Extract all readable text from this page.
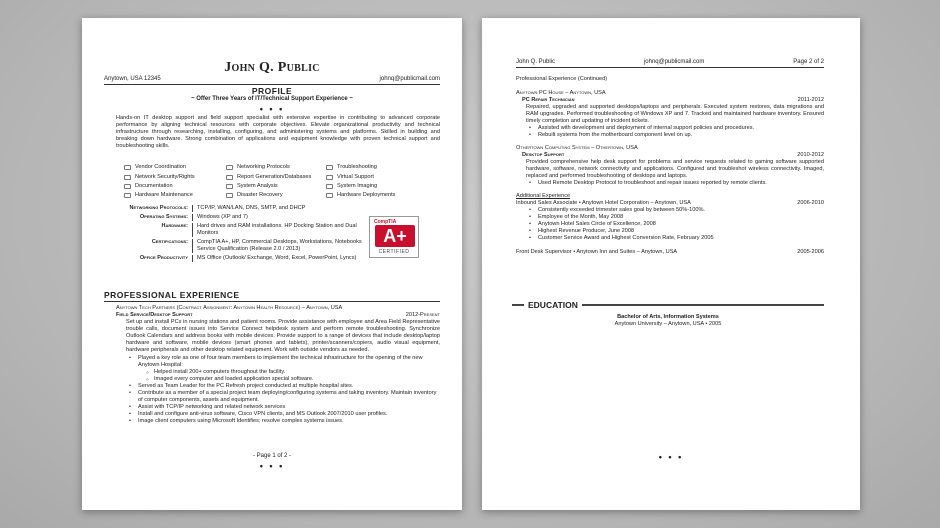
John Q. Public
Anytown, USA 12345	johnq@publicmail.com
PROFILE
~ Offer Three Years of IT/Technical Support Experience ~
• • •
Hands-on IT desktop support and field support specialist with extensive expertise in contributing to advanced corporate performance by aligning technical resources with corporate objectives. Elevate organizational productivity and technical infrastructure through researching, installing, configuring, and administering systems and platforms. Skilled in building and breaking down hardware. Strong combination of applications and equipment knowledge with proven technical support and troubleshooting skills.
Vendor Coordination	Networking Protocols	Troubleshooting
Network Security/Rights	Report Generation/Databases	Virtual Support
Documentation	System Analysis	System Imaging
Hardware Maintenance	Disaster Recovery	Hardware Deployments
Networking Protocols:	TCP/IP, WAN/LAN, DNS, SMTP, and DHCP
Operating Systems:	Windows (XP and 7)
Hardware:	Hard drives and RAM installations. HP Docking Station and Dual Monitors
Certifications:	CompTIA A+, HP, Commercial Desktops, Workstations, Notebooks Service Qualification (Release 2.0 / 2013)
Office Productivity	MS Office (Outlook/ Exchange, Word, Excel, PowerPoint, Lyncs)
CompTIA
A+
CERTIFIED
PROFESSIONAL EXPERIENCE
Anytown Tech Partners (Contract Assignment: Anytown Health Resource) – Anytown, USA
Field Service/Desktop Support	2012-Present
Set up and install PCs in nursing stations and patient rooms. Provide assistance with employee and Area Field Representative trouble calls, document issues into Service Connect helpdesk system and perform remote troubleshooting. Synchronize Outlook Calendars and address books with mobile devices. Provide support to a range of devices that include desktop/laptop hardware and software, mobile devices (smart phones and tablets), printer/scanners/copiers, audio visual equipment, hardware peripherals and other desktop related equipment. Work with outside vendors as needed.
• Played a key role as one of four team members to implement the technical infrastructure for the opening of the new Anytown Hospital:
○ Helped install 200+ computers throughout the facility.
○ Imaged every computer and loaded application special software.
• Served as Team Leader for the PC Refresh project conducted at multiple hospital sites.
• Contribute as a member of a special project team deploying/configuring systems and taking inventory. Maintain inventory of computer components, assets and equipment.
• Assist with TCP/IP networking and related network services
• Install and configure anti-virus software, Cisco VPN clients, and MS Outlook 2007/2010 user profiles.
• Image client computers using Microsoft Identifies; resolve complex systems issues.
- Page 1 of 2 -
• • •
John Q. Public	johnq@publicmail.com	Page 2 of 2
Professional Experience (Continued)
Anytown PC House – Anytown, USA
PC Repair Technician	2011-2012
Repaired, upgraded and supported desktops/laptops and peripherals. Executed system restores, data migrations and RAM upgrades. Performed troubleshooting of Windows XP and 7. Tracked and maintained hardware inventory. Ensured timely completion and updating of incident tickets.
• Assisted with development and deployment of internal support policies and procedures.
• Rebuilt systems from the motherboard component level on up.
Othertown Computing System – Othertown, USA
Desktop Support	2010-2012
Provided comprehensive help desk support for problems and service requests related to gaming software supported hardware, software, network connectivity and applications. Configured and troubleshot wireless connectivity. Imaged, replaced and performed troubleshooting of desktops and laptops.
• Used Remote Desktop Protocol to troubleshoot and repair issues reported by remote clients.
Additional Experience
Inbound Sales Associate • Anytown Hotel Corporation – Anytown, USA	2006-2010
• Consistently exceeded trimester sales goal by between 50%-100%.
• Employee of the Month, May 2008
• Anytown Hotel Sales Circle of Excellence, 2008
• Highest Revenue Producer, June 2008
• Customer Service Award and Highest Conversion Rate, February 2005
Front Desk Supervisor • Anytown Inn and Suites – Anytown, USA	2005-2006
EDUCATION
Bachelor of Arts, Information Systems
Anytown University – Anytown, USA • 2005
• • •
